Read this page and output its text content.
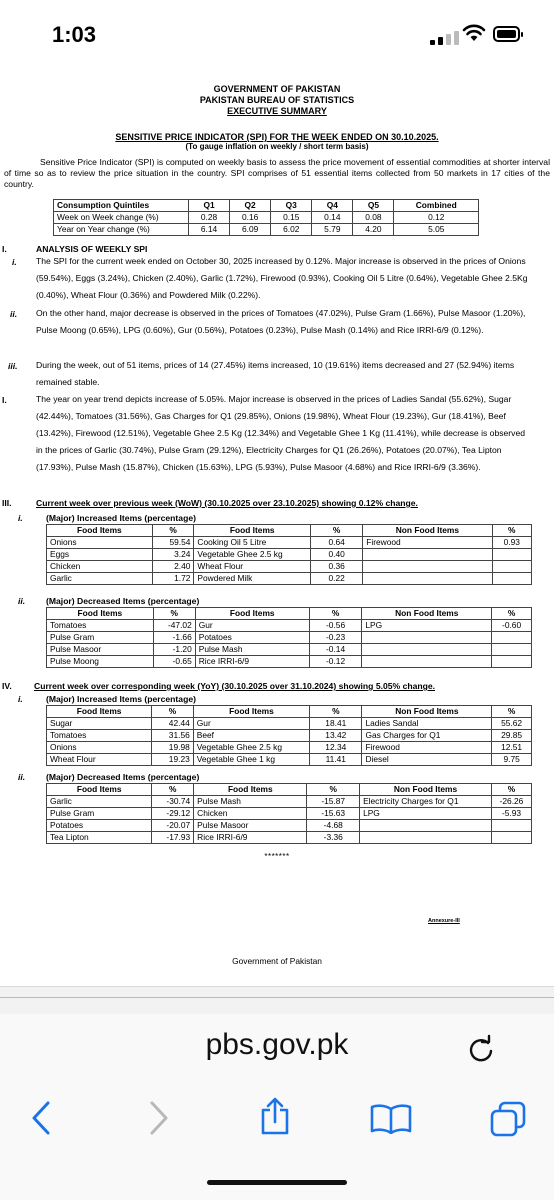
1:03
GOVERNMENT OF PAKISTAN
PAKISTAN BUREAU OF STATISTICS
EXECUTIVE SUMMARY
SENSITIVE PRICE INDICATOR (SPI) FOR THE WEEK ENDED ON 30.10.2025.
(To gauge inflation on weekly / short term basis)
Sensitive Price Indicator (SPI) is computed on weekly basis to assess the price movement of essential commodities at shorter interval of time so as to review the price situation in the country. SPI comprises of 51 essential items collected from 50 markets in 17 cities of the country.
Consumption Quintiles	Q1	Q2	Q3	Q4	Q5	Combined
Week on Week change (%)	0.28	0.16	0.15	0.14	0.08	0.12
Year on Year change (%)	6.14	6.09	6.02	5.79	4.20	5.05
I.	ANALYSIS OF WEEKLY SPI
i. The SPI for the current week ended on October 30, 2025 increased by 0.12%. Major increase is observed in the prices of Onions (59.54%), Eggs (3.24%), Chicken (2.40%), Garlic (1.72%), Firewood (0.93%), Cooking Oil 5 Litre (0.64%), Vegetable Ghee 2.5Kg (0.40%), Wheat Flour (0.36%) and Powdered Milk (0.22%).
ii. On the other hand, major decrease is observed in the prices of Tomatoes (47.02%), Pulse Gram (1.66%), Pulse Masoor (1.20%), Pulse Moong (0.65%), LPG (0.60%), Gur (0.56%), Potatoes (0.23%), Pulse Mash (0.14%) and Rice IRRI-6/9 (0.12%).
iii. During the week, out of 51 items, prices of 14 (27.45%) items increased, 10 (19.61%) items decreased and 27 (52.94%) items remained stable.
I.	The year on year trend depicts increase of 5.05%. Major increase is observed in the prices of Ladies Sandal (55.62%), Sugar (42.44%), Tomatoes (31.56%), Gas Charges for Q1 (29.85%), Onions (19.98%), Wheat Flour (19.23%), Gur (18.41%), Beef (13.42%), Firewood (12.51%), Vegetable Ghee 2.5 Kg (12.34%) and Vegetable Ghee 1 Kg (11.41%), while decrease is observed in the prices of Garlic (30.74%), Pulse Gram (29.12%), Electricity Charges for Q1 (26.26%), Potatoes (20.07%), Tea Lipton (17.93%), Pulse Mash (15.87%), Chicken (15.63%), LPG (5.93%), Pulse Masoor (4.68%) and Rice IRRI-6/9 (3.36%).
III.	Current week over previous week (WoW) (30.10.2025 over 23.10.2025) showing 0.12% change.
i.	(Major) Increased Items (percentage)
Food Items	%	Food Items	%	Non Food Items	%
Onions	59.54	Cooking Oil 5 Litre	0.64	Firewood	0.93
Eggs	3.24	Vegetable Ghee 2.5 kg	0.40		
Chicken	2.40	Wheat Flour	0.36		
Garlic	1.72	Powdered Milk	0.22		
ii. (Major) Decreased Items (percentage)
Food Items	%	Food Items	%	Non Food Items	%
Tomatoes	-47.02	Gur	-0.56	LPG	-0.60
Pulse Gram	-1.66	Potatoes	-0.23		
Pulse Masoor	-1.20	Pulse Mash	-0.14		
Pulse Moong	-0.65	Rice IRRI-6/9	-0.12		
IV.	Current week over corresponding week (YoY) (30.10.2025 over 31.10.2024) showing 5.05% change.
i.	(Major) Increased Items (percentage)
Food Items	%	Food Items	%	Non Food Items	%
Sugar	42.44	Gur	18.41	Ladies Sandal	55.62
Tomatoes	31.56	Beef	13.42	Gas Charges for Q1	29.85
Onions	19.98	Vegetable Ghee 2.5 kg	12.34	Firewood	12.51
Wheat Flour	19.23	Vegetable Ghee 1 kg	11.41	Diesel	9.75
ii. (Major) Decreased Items (percentage)
Food Items	%	Food Items	%	Non Food Items	%
Garlic	-30.74	Pulse Mash	-15.87	Electricity Charges for Q1	-26.26
Pulse Gram	-29.12	Chicken	-15.63	LPG	-5.93
Potatoes	-20.07	Pulse Masoor	-4.68		
Tea Lipton	-17.93	Rice IRRI-6/9	-3.36		
*******
Annexure-III
Government of Pakistan
pbs.gov.pk
